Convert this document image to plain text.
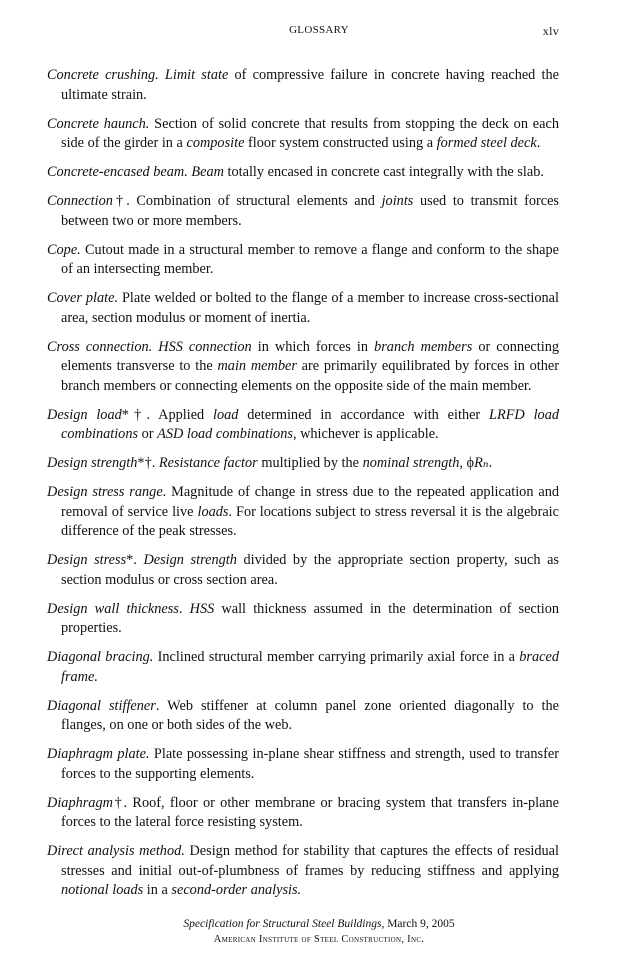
GLOSSARY	xlv

Concrete crushing. Limit state of compressive failure in concrete having reached the ultimate strain.

Concrete haunch. Section of solid concrete that results from stopping the deck on each side of the girder in a composite floor system constructed using a formed steel deck.

Concrete-encased beam. Beam totally encased in concrete cast integrally with the slab.

Connection†. Combination of structural elements and joints used to transmit forces between two or more members.

Cope. Cutout made in a structural member to remove a flange and conform to the shape of an intersecting member.

Cover plate. Plate welded or bolted to the flange of a member to increase cross-sectional area, section modulus or moment of inertia.

Cross connection. HSS connection in which forces in branch members or connecting elements transverse to the main member are primarily equilibrated by forces in other branch members or connecting elements on the opposite side of the main member.

Design load*†. Applied load determined in accordance with either LRFD load combinations or ASD load combinations, whichever is applicable.

Design strength*†. Resistance factor multiplied by the nominal strength, ϕRₙ.

Design stress range. Magnitude of change in stress due to the repeated application and removal of service live loads. For locations subject to stress reversal it is the algebraic difference of the peak stresses.

Design stress*. Design strength divided by the appropriate section property, such as section modulus or cross section area.

Design wall thickness. HSS wall thickness assumed in the determination of section properties.

Diagonal bracing. Inclined structural member carrying primarily axial force in a braced frame.

Diagonal stiffener. Web stiffener at column panel zone oriented diagonally to the flanges, on one or both sides of the web.

Diaphragm plate. Plate possessing in-plane shear stiffness and strength, used to transfer forces to the supporting elements.

Diaphragm†. Roof, floor or other membrane or bracing system that transfers in-plane forces to the lateral force resisting system.

Direct analysis method. Design method for stability that captures the effects of residual stresses and initial out-of-plumbness of frames by reducing stiffness and applying notional loads in a second-order analysis.

Specification for Structural Steel Buildings, March 9, 2005
American Institute of Steel Construction, Inc.
